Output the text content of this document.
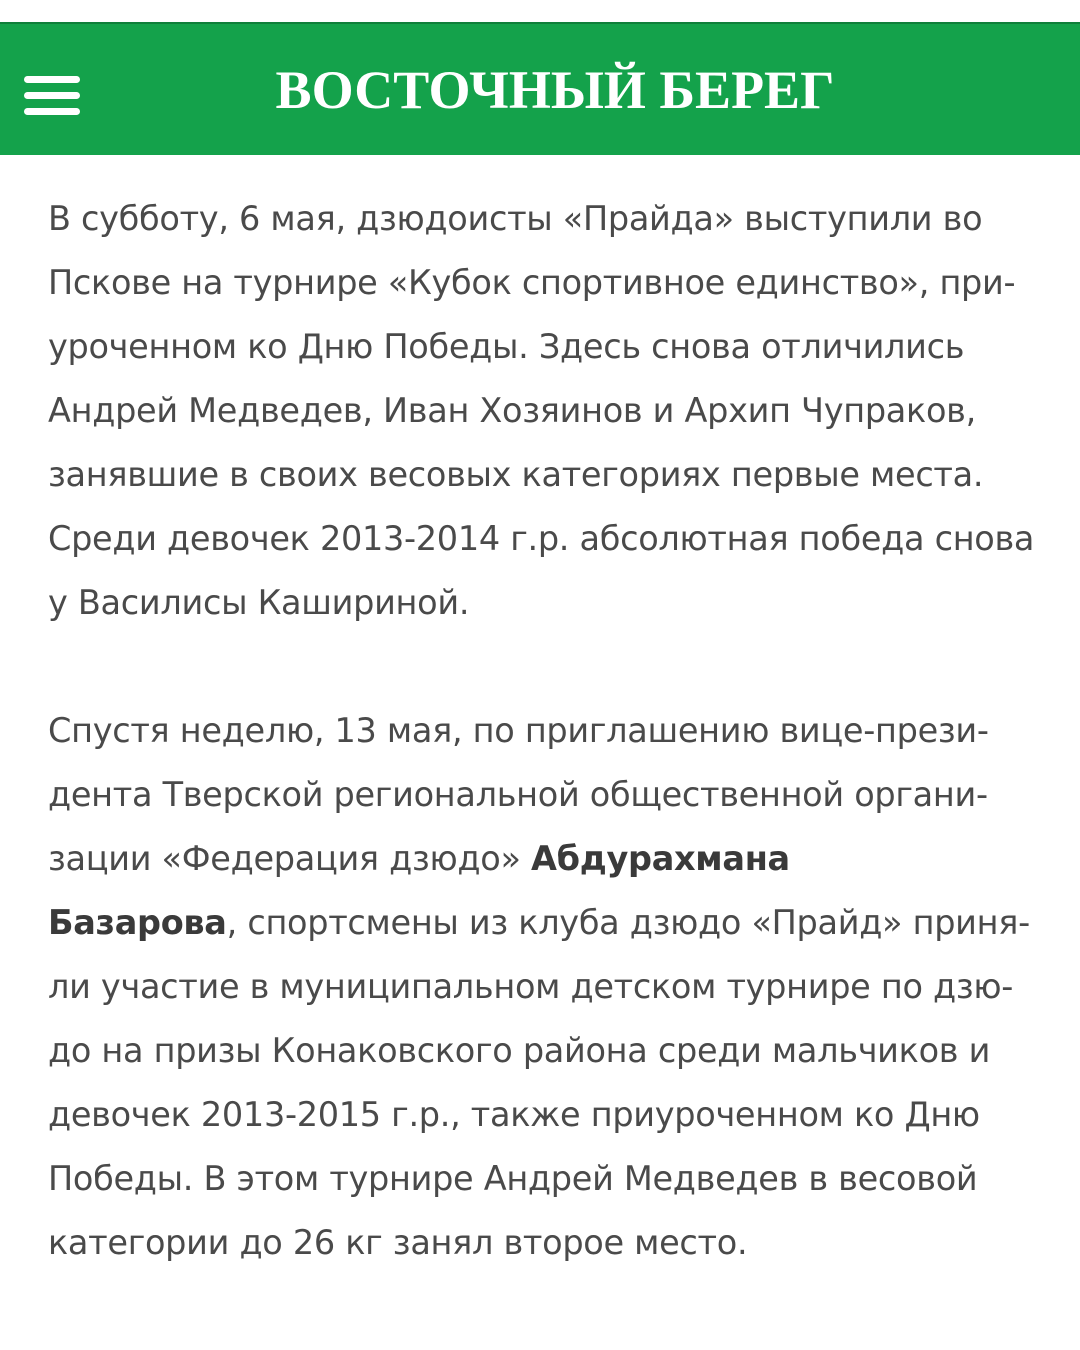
ВОСТОЧНЫЙ БЕРЕГ

В субботу, 6 мая, дзюдоисты «Прайда» выступили во

Пскове на турнире «Кубок спортивное единство», при-

уроченном ко Дню Победы. Здесь снова отличились

Андрей Медведев, Иван Хозяинов и Архип Чупраков,

занявшие в своих весовых категориях первые места.

Среди девочек 2013-2014 г.р. абсолютная победа снова

у Василисы Кашириной.

Спустя неделю, 13 мая, по приглашению вице-прези-

дента Тверской региональной общественной органи-

зации «Федерация дзюдо» Абдурахмана

Базарова, спортсмены из клуба дзюдо «Прайд» приня-

ли участие в муниципальном детском турнире по дзю-

до на призы Конаковского района среди мальчиков и

девочек 2013-2015 г.р., также приуроченном ко Дню

Победы. В этом турнире Андрей Медведев в весовой

категории до 26 кг занял второе место.
